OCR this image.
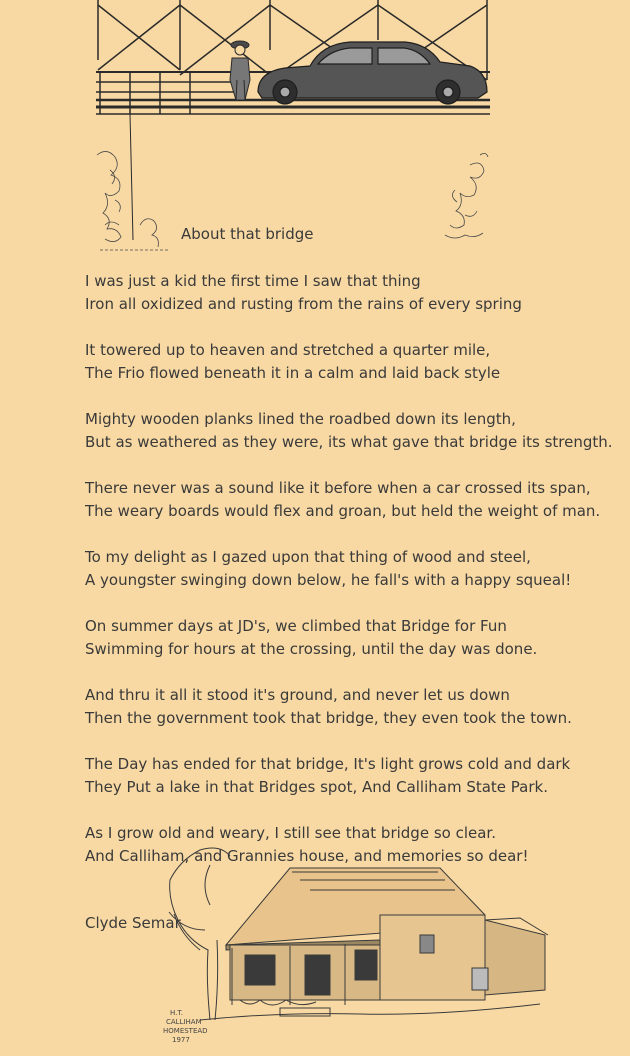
H.T.
CALLIHAM
HOMESTEAD
1977
About that bridge
I was just a kid the first time I saw that thing
Iron all oxidized and rusting from the rains of every spring
It towered up to heaven and stretched a quarter mile,
The Frio flowed beneath it in a calm and laid back style
Mighty wooden planks lined the roadbed down its length,
But as weathered as they were, its what gave that bridge its strength.
There never was a sound like it before when a car crossed its span,
The weary boards would flex and groan, but held the weight of man.
To my delight as I gazed upon that thing of wood and steel,
A youngster swinging down below, he fall's with a happy squeal!
On summer days at JD's, we climbed that Bridge for Fun
Swimming for hours at the crossing, until the day was done.
And thru it all it stood it's ground, and never let us down
Then the government took that bridge, they even took the town.
The Day has ended for that bridge, It's light grows cold and dark
They Put a lake in that Bridges spot, And Calliham State Park.
As I grow old and weary, I still see that bridge so clear.
And Calliham, and Grannies house, and memories so dear!
Clyde Semar
